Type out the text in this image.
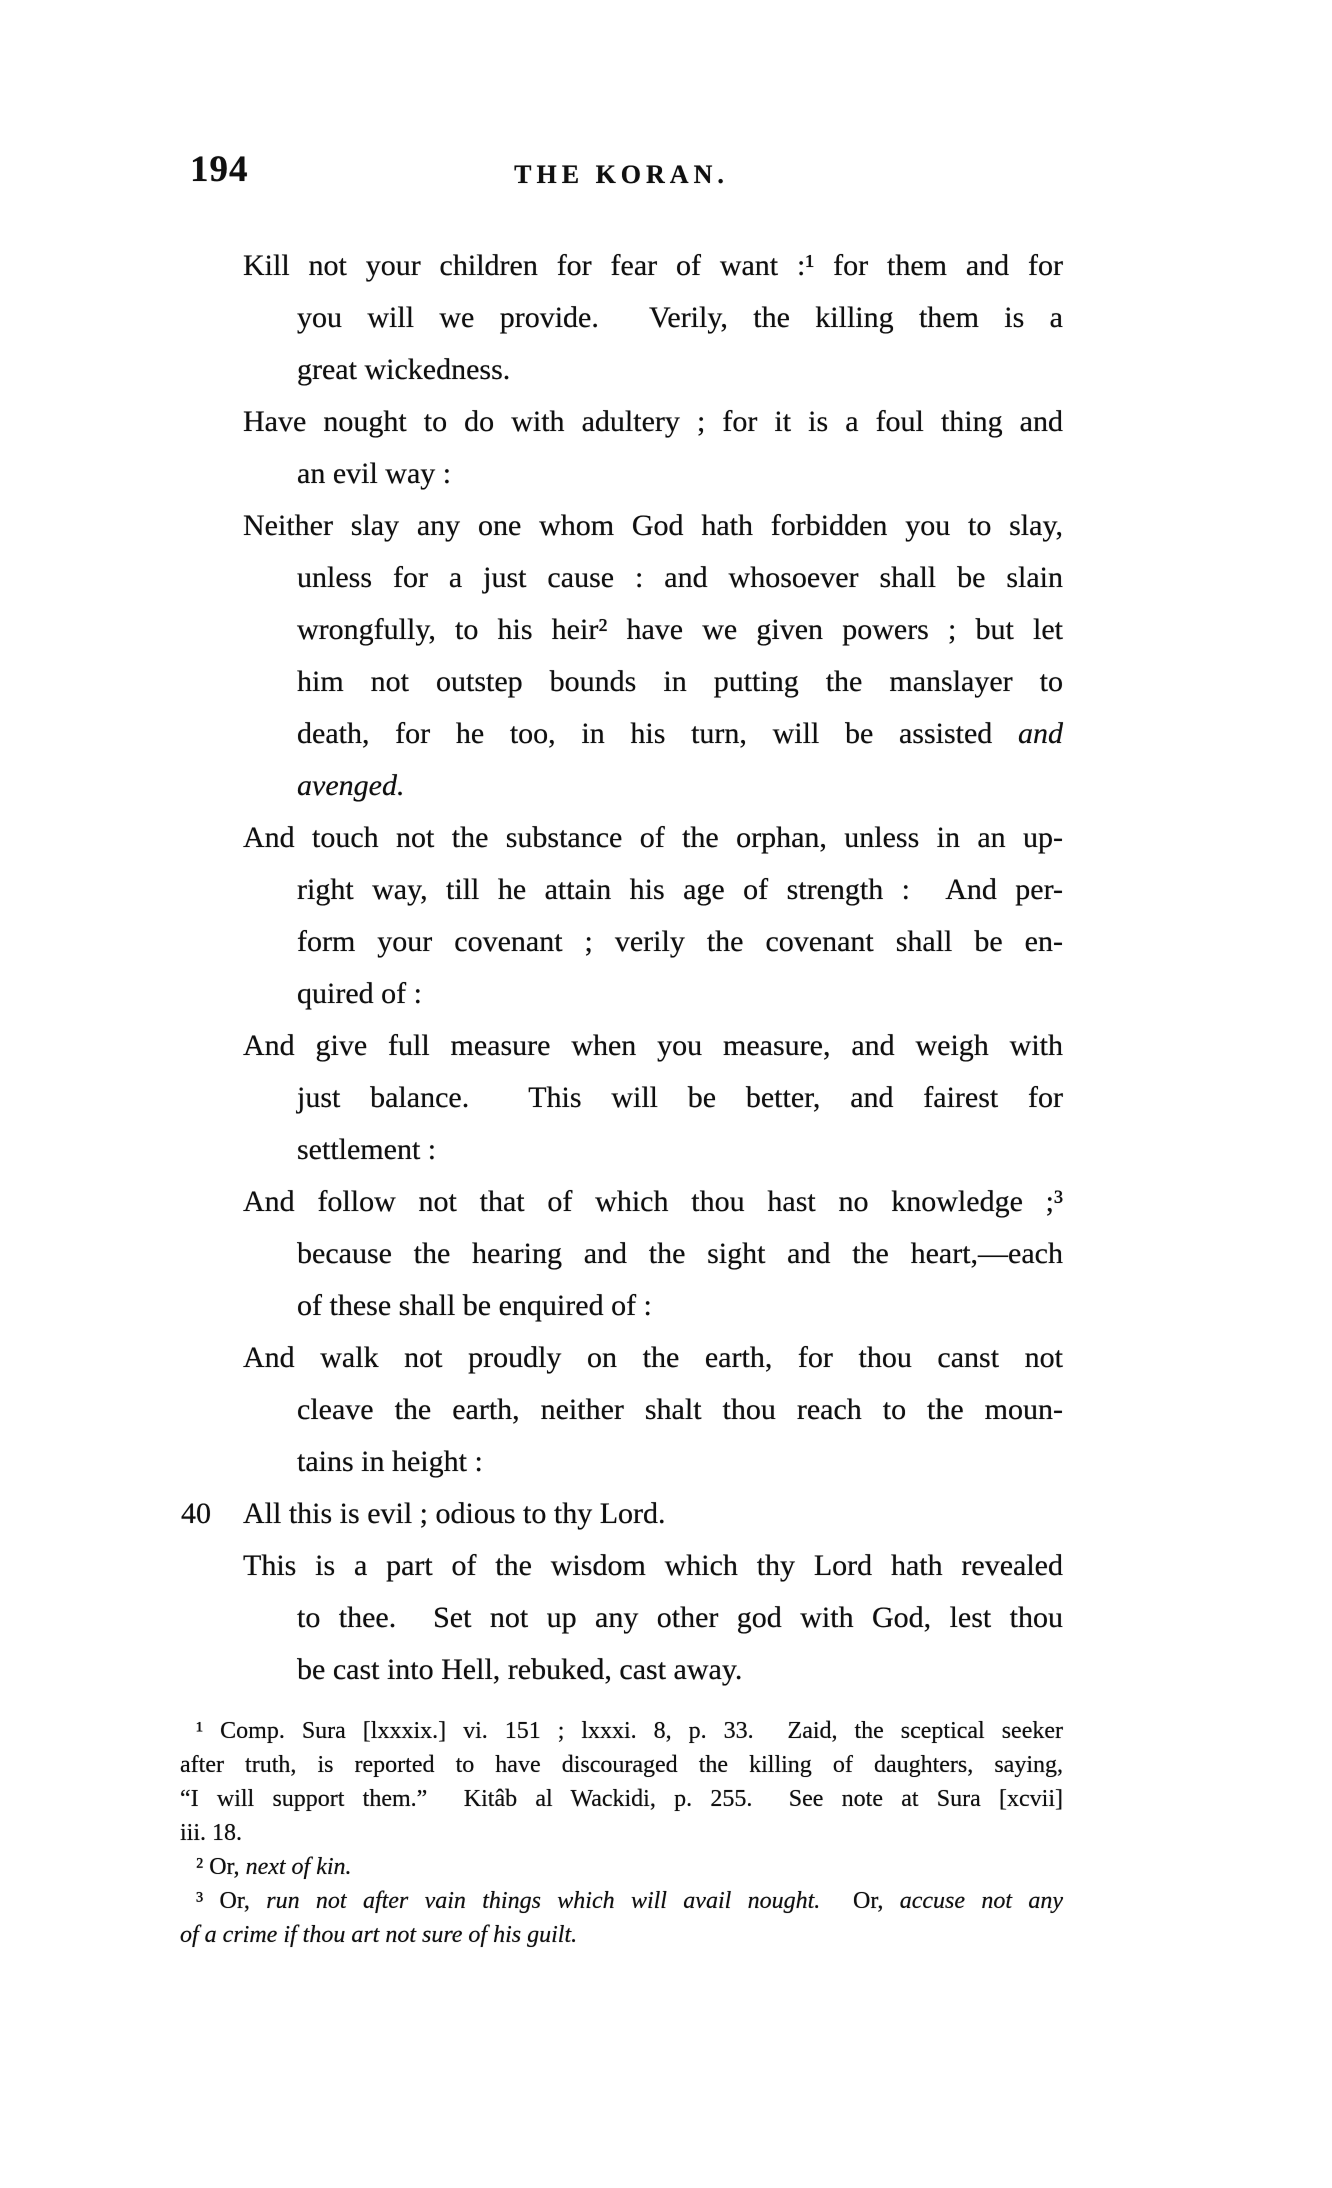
194	THE KORAN.
Kill not your children for fear of want :¹ for them and for
you will we provide.  Verily, the killing them is a
great wickedness.
Have nought to do with adultery ; for it is a foul thing and
an evil way :
Neither slay any one whom God hath forbidden you to slay,
unless for a just cause : and whosoever shall be slain
wrongfully, to his heir² have we given powers ; but let
him not outstep bounds in putting the manslayer to
death, for he too, in his turn, will be assisted and
avenged.
And touch not the substance of the orphan, unless in an up-
right way, till he attain his age of strength :  And per-
form your covenant ; verily the covenant shall be en-
quired of :
And give full measure when you measure, and weigh with
just balance.  This will be better, and fairest for
settlement :
And follow not that of which thou hast no knowledge ;³
because the hearing and the sight and the heart,—each
of these shall be enquired of :
And walk not proudly on the earth, for thou canst not
cleave the earth, neither shalt thou reach to the moun-
tains in height :
40 All this is evil ; odious to thy Lord.
This is a part of the wisdom which thy Lord hath revealed
to thee.  Set not up any other god with God, lest thou
be cast into Hell, rebuked, cast away.
¹ Comp. Sura [lxxxix.] vi. 151 ; lxxxi. 8, p. 33.  Zaid, the sceptical seeker
after truth, is reported to have discouraged the killing of daughters, saying,
“I will support them.”  Kitâb al Wackidi, p. 255.  See note at Sura [xcvii]
iii. 18.
² Or, next of kin.
³ Or, run not after vain things which will avail nought.  Or, accuse not any
of a crime if thou art not sure of his guilt.
